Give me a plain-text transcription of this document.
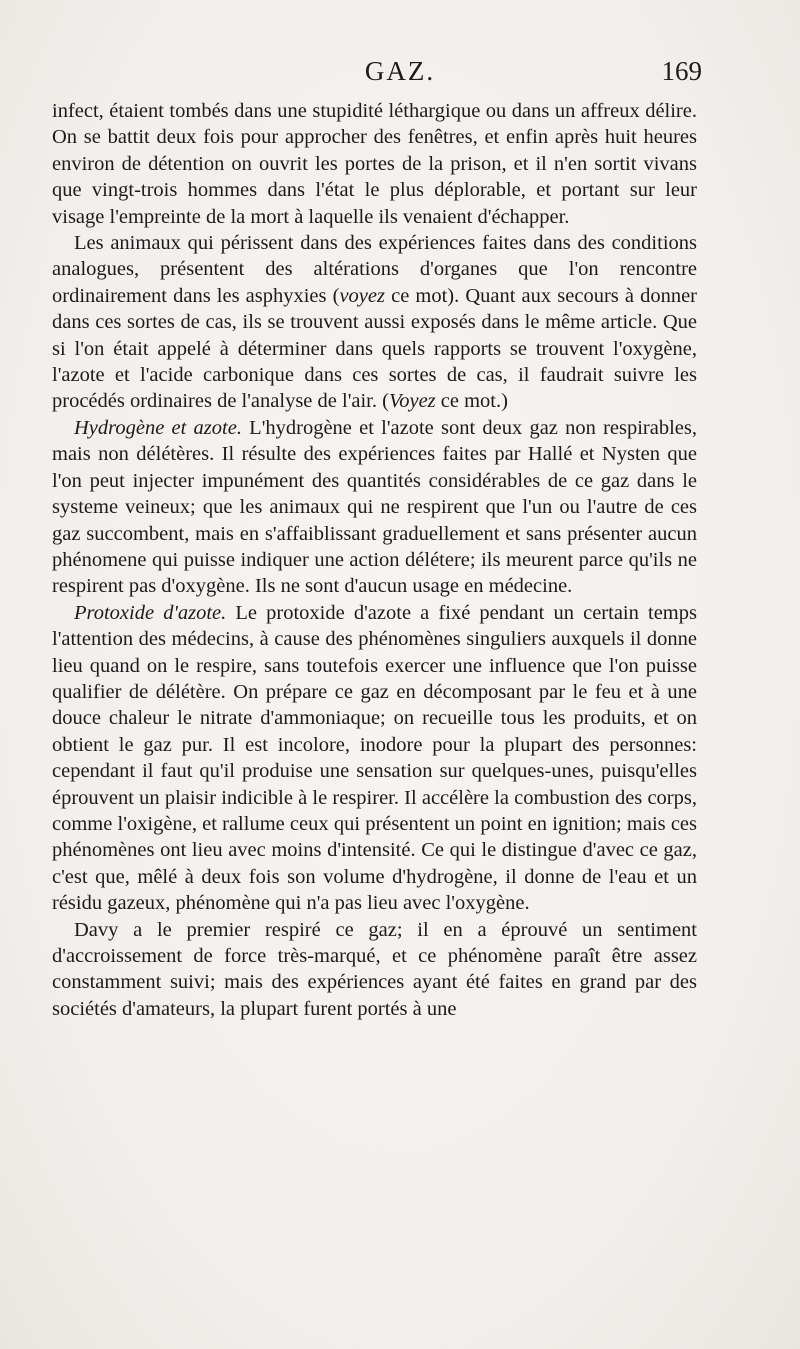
GAZ.	169

infect, étaient tombés dans une stupidité léthargique ou dans un affreux délire. On se battit deux fois pour approcher des fenêtres, et enfin après huit heures environ de détention on ouvrit les portes de la prison, et il n'en sortit vivans que vingt-trois hommes dans l'état le plus déplorable, et portant sur leur visage l'empreinte de la mort à laquelle ils venaient d'échapper.

Les animaux qui périssent dans des expériences faites dans des conditions analogues, présentent des altérations d'organes que l'on rencontre ordinairement dans les asphyxies (voyez ce mot). Quant aux secours à donner dans ces sortes de cas, ils se trouvent aussi exposés dans le même article. Que si l'on était appelé à déterminer dans quels rapports se trouvent l'oxygène, l'azote et l'acide carbonique dans ces sortes de cas, il faudrait suivre les procédés ordinaires de l'analyse de l'air. (Voyez ce mot.)

Hydrogène et azote. L'hydrogène et l'azote sont deux gaz non respirables, mais non délétères. Il résulte des expériences faites par Hallé et Nysten que l'on peut injecter impunément des quantités considérables de ce gaz dans le systeme veineux; que les animaux qui ne respirent que l'un ou l'autre de ces gaz succombent, mais en s'affaiblissant graduellement et sans présenter aucun phénomene qui puisse indiquer une action délétere; ils meurent parce qu'ils ne respirent pas d'oxygène. Ils ne sont d'aucun usage en médecine.

Protoxide d'azote. Le protoxide d'azote a fixé pendant un certain temps l'attention des médecins, à cause des phénomènes singuliers auxquels il donne lieu quand on le respire, sans toutefois exercer une influence que l'on puisse qualifier de délétère. On prépare ce gaz en décomposant par le feu et à une douce chaleur le nitrate d'ammoniaque; on recueille tous les produits, et on obtient le gaz pur. Il est incolore, inodore pour la plupart des personnes: cependant il faut qu'il produise une sensation sur quelques-unes, puisqu'elles éprouvent un plaisir indicible à le respirer. Il accélère la combustion des corps, comme l'oxigène, et rallume ceux qui présentent un point en ignition; mais ces phénomènes ont lieu avec moins d'intensité. Ce qui le distingue d'avec ce gaz, c'est que, mêlé à deux fois son volume d'hydrogène, il donne de l'eau et un résidu gazeux, phénomène qui n'a pas lieu avec l'oxygène.

Davy a le premier respiré ce gaz; il en a éprouvé un sentiment d'accroissement de force très-marqué, et ce phénomène paraît être assez constamment suivi; mais des expériences ayant été faites en grand par des sociétés d'amateurs, la plupart furent portés à une
